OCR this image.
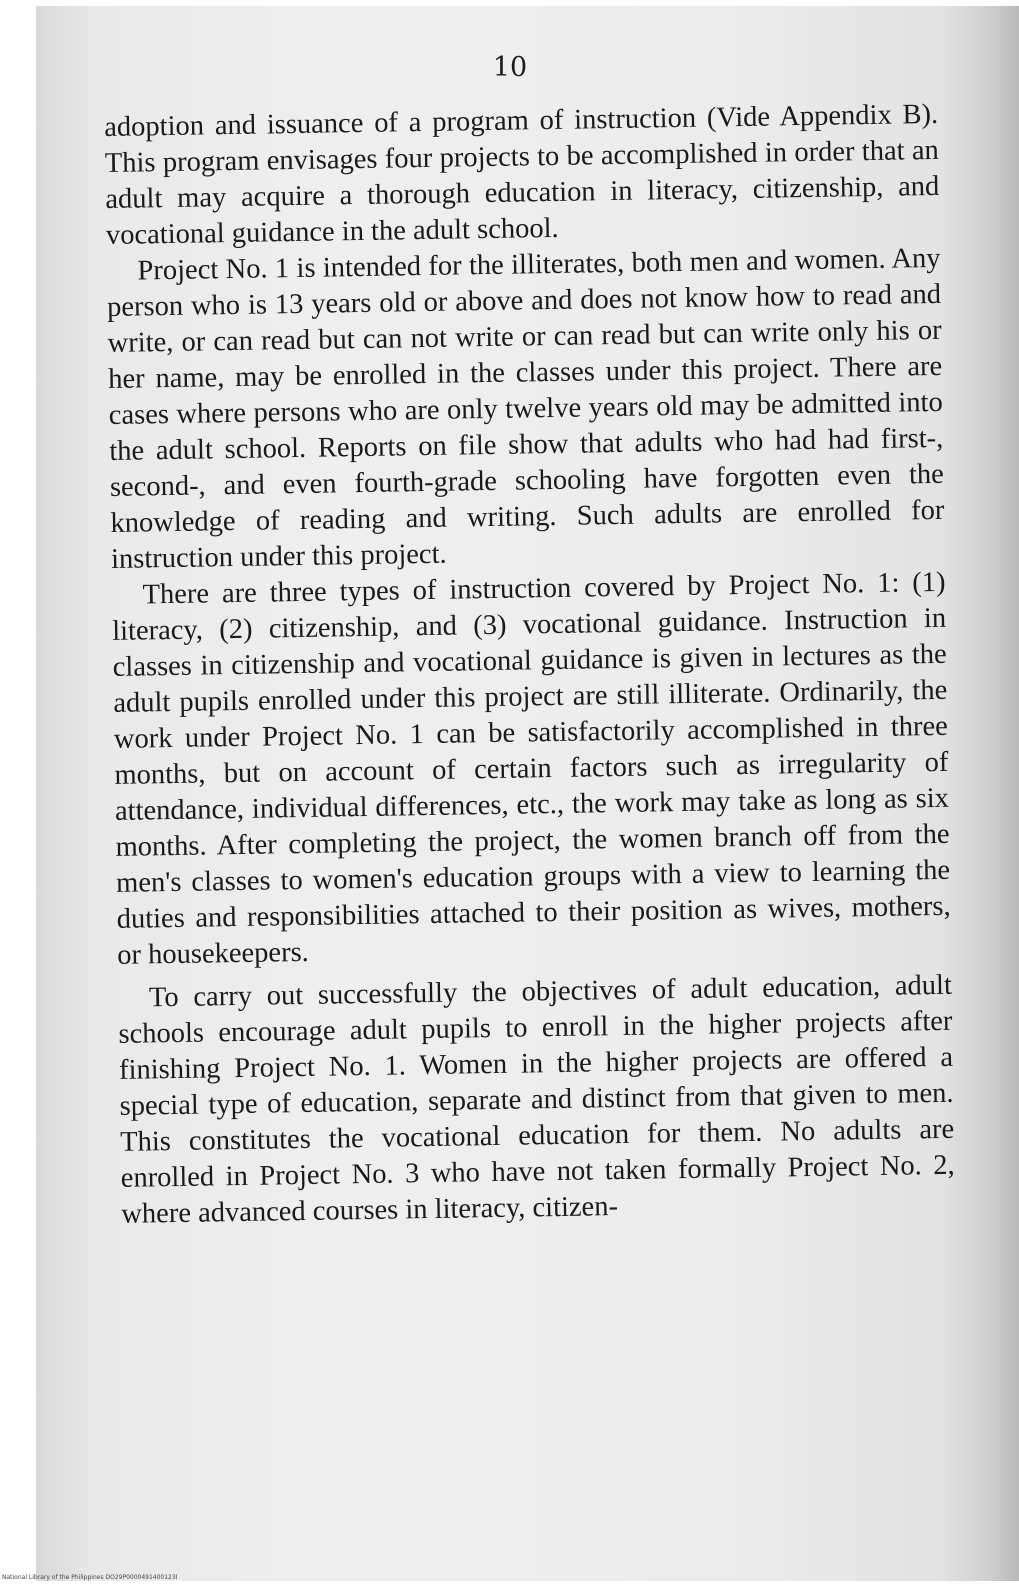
10

adoption and issuance of a program of instruction (Vide Appendix B). This program envisages four projects to be accomplished in order that an adult may acquire a thorough education in literacy, citizenship, and vocational guidance in the adult school.

Project No. 1 is intended for the illiterates, both men and women. Any person who is 13 years old or above and does not know how to read and write, or can read but can not write or can read but can write only his or her name, may be enrolled in the classes under this project. There are cases where persons who are only twelve years old may be admitted into the adult school. Reports on file show that adults who had had first-, second-, and even fourth-grade schooling have forgotten even the knowledge of reading and writing. Such adults are enrolled for instruction under this project.

There are three types of instruction covered by Project No. 1: (1) literacy, (2) citizenship, and (3) vocational guidance. Instruction in classes in citizenship and vocational guidance is given in lectures as the adult pupils enrolled under this project are still illiterate. Ordinarily, the work under Project No. 1 can be satisfactorily accomplished in three months, but on account of certain factors such as irregularity of attendance, individual differences, etc., the work may take as long as six months. After completing the project, the women branch off from the men's classes to women's education groups with a view to learning the duties and responsibilities attached to their position as wives, mothers, or housekeepers.

To carry out successfully the objectives of adult education, adult schools encourage adult pupils to enroll in the higher projects after finishing Project No. 1. Women in the higher projects are offered a special type of education, separate and distinct from that given to men. This constitutes the vocational education for them. No adults are enrolled in Project No. 3 who have not taken formally Project No. 2, where advanced courses in literacy, citizen-

National Library of the Philippines DO29P0000491400123I
